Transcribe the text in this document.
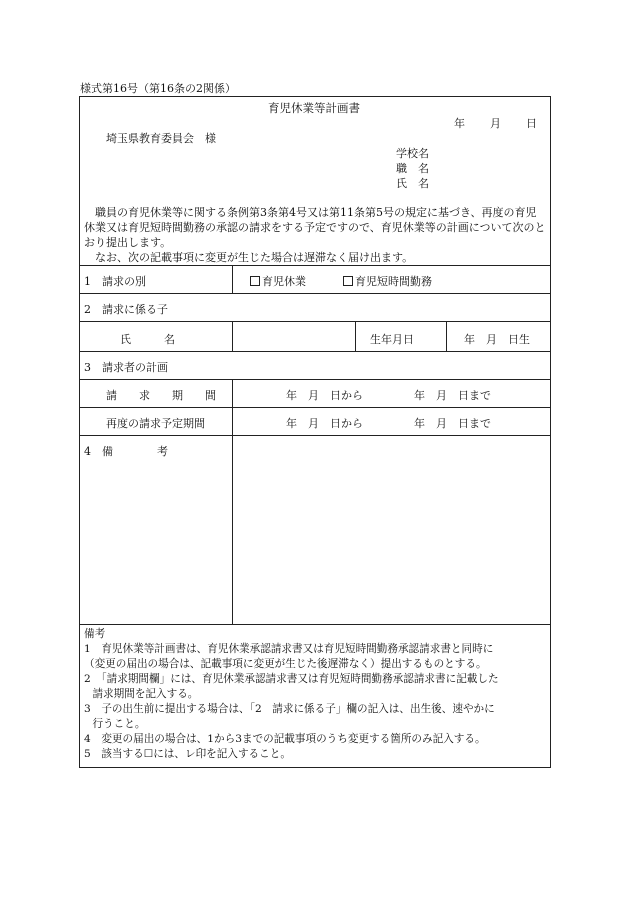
様式第16号（第16条の2関係）
育児休業等計画書
年 月 日
埼玉県教育委員会　様
学校名
職　名
氏　名
職員の育児休業等に関する条例第3条第4号又は第11条第5号の規定に基づき、再度の育児休業又は育児短時間勤務の承認の請求をする予定ですので、育児休業等の計画について次のとおり提出します。
なお、次の記載事項に変更が生じた場合は遅滞なく届け出ます。
1　請求の別	育児休業	育児短時間勤務
2　請求に係る子
氏　　　名	生年月日	年　月　日生
3　請求者の計画
請　　求　　期　　間	年　月　日から	年　月　日まで
再度の請求予定期間	年　月　日から	年　月　日まで
4　備　　　　考
備考
1　育児休業等計画書は、育児休業承認請求書又は育児短時間勤務承認請求書と同時に
（変更の届出の場合は、記載事項に変更が生じた後遅滞なく）提出するものとする。
2　「請求期間欄」には、育児休業承認請求書又は育児短時間勤務承認請求書に記載した
請求期間を記入する。
3　子の出生前に提出する場合は、「2　請求に係る子」欄の記入は、出生後、速やかに
行うこと。
4　変更の届出の場合は、1から3までの記載事項のうち変更する箇所のみ記入する。
5　該当する☐には、レ印を記入すること。
